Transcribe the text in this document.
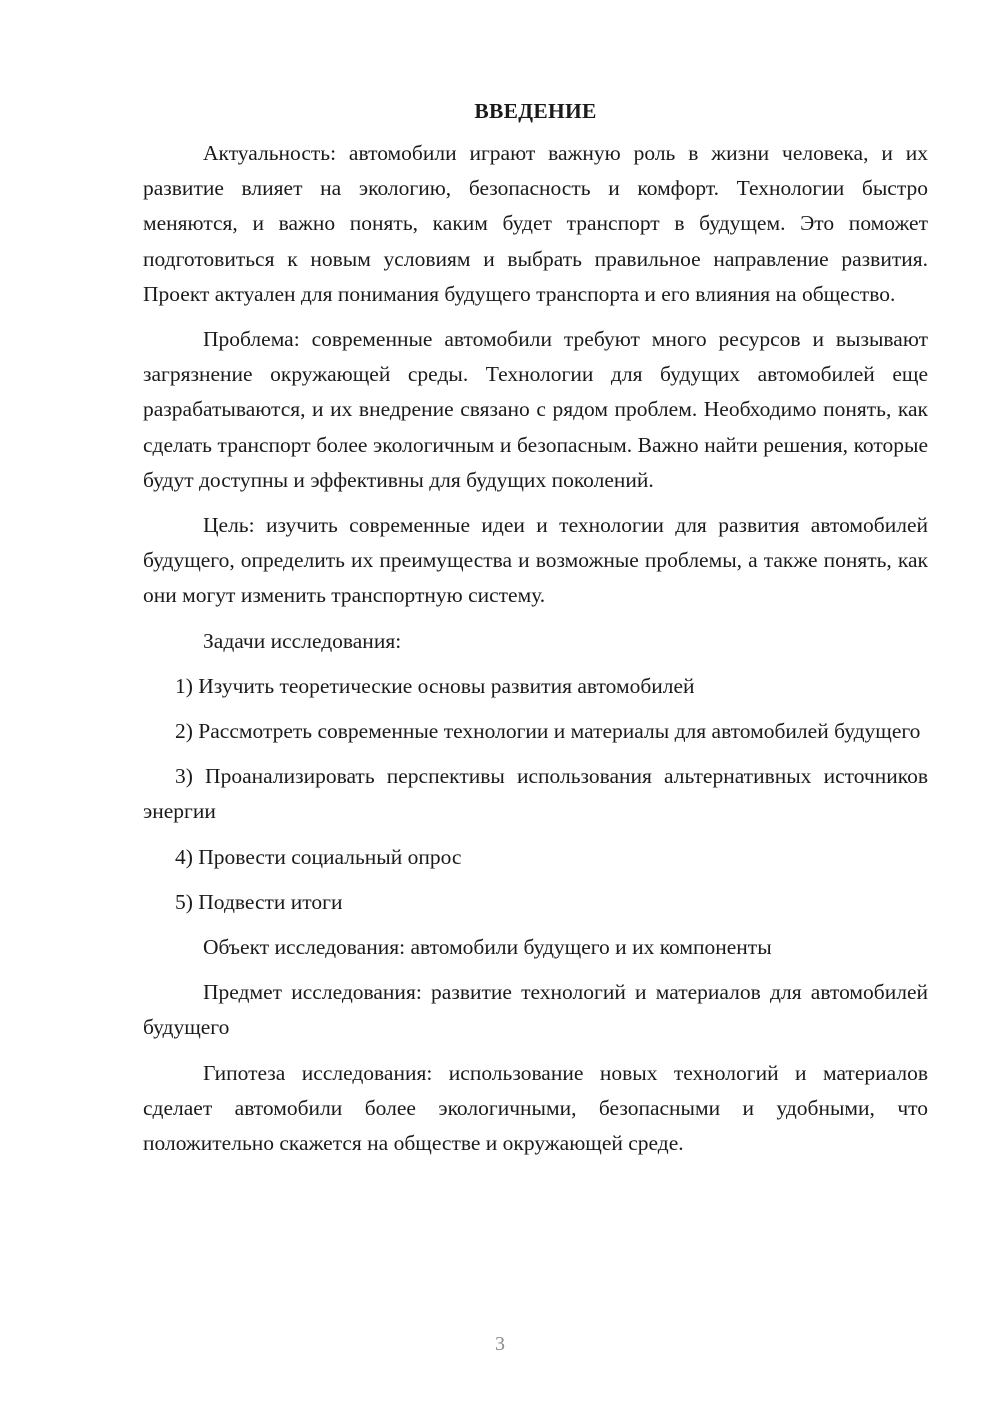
ВВЕДЕНИЕ

Актуальность: автомобили играют важную роль в жизни человека, и их развитие влияет на экологию, безопасность и комфорт. Технологии быстро меняются, и важно понять, каким будет транспорт в будущем. Это поможет подготовиться к новым условиям и выбрать правильное направление развития. Проект актуален для понимания будущего транспорта и его влияния на общество.

Проблема: современные автомобили требуют много ресурсов и вызывают загрязнение окружающей среды. Технологии для будущих автомобилей еще разрабатываются, и их внедрение связано с рядом проблем. Необходимо понять, как сделать транспорт более экологичным и безопасным. Важно найти решения, которые будут доступны и эффективны для будущих поколений.

Цель: изучить современные идеи и технологии для развития автомобилей будущего, определить их преимущества и возможные проблемы, а также понять, как они могут изменить транспортную систему.

Задачи исследования:

1) Изучить теоретические основы развития автомобилей

2) Рассмотреть современные технологии и материалы для автомобилей будущего

3) Проанализировать перспективы использования альтернативных источников энергии

4) Провести социальный опрос

5) Подвести итоги

Объект исследования: автомобили будущего и их компоненты

Предмет исследования: развитие технологий и материалов для автомобилей будущего

Гипотеза исследования: использование новых технологий и материалов сделает автомобили более экологичными, безопасными и удобными, что положительно скажется на обществе и окружающей среде.

3
